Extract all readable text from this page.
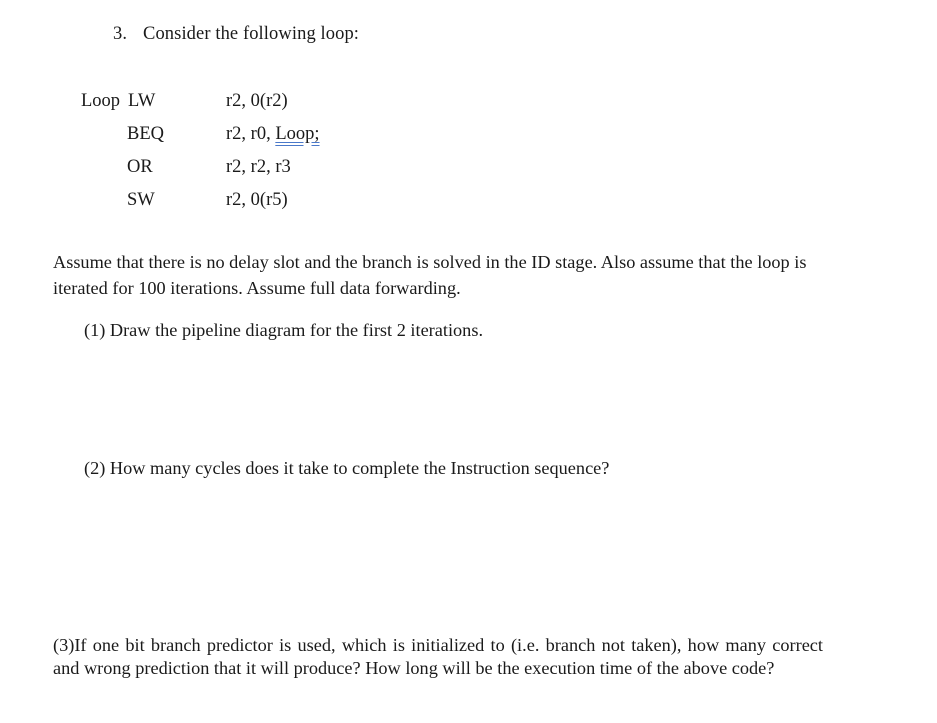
3. Consider the following loop:
Loop LW	r2, 0(r2)
BEQ	r2, r0, Loop;
OR	r2, r2, r3
SW	r2, 0(r5)
Assume that there is no delay slot and the branch is solved in the ID stage. Also assume that the loop is iterated for 100 iterations. Assume full data forwarding.
(1) Draw the pipeline diagram for the first 2 iterations.
(2) How many cycles does it take to complete the Instruction sequence?
(3)If one bit branch predictor is used, which is initialized to (i.e. branch not taken), how many correct and wrong prediction that it will produce? How long will be the execution time of the above code?
